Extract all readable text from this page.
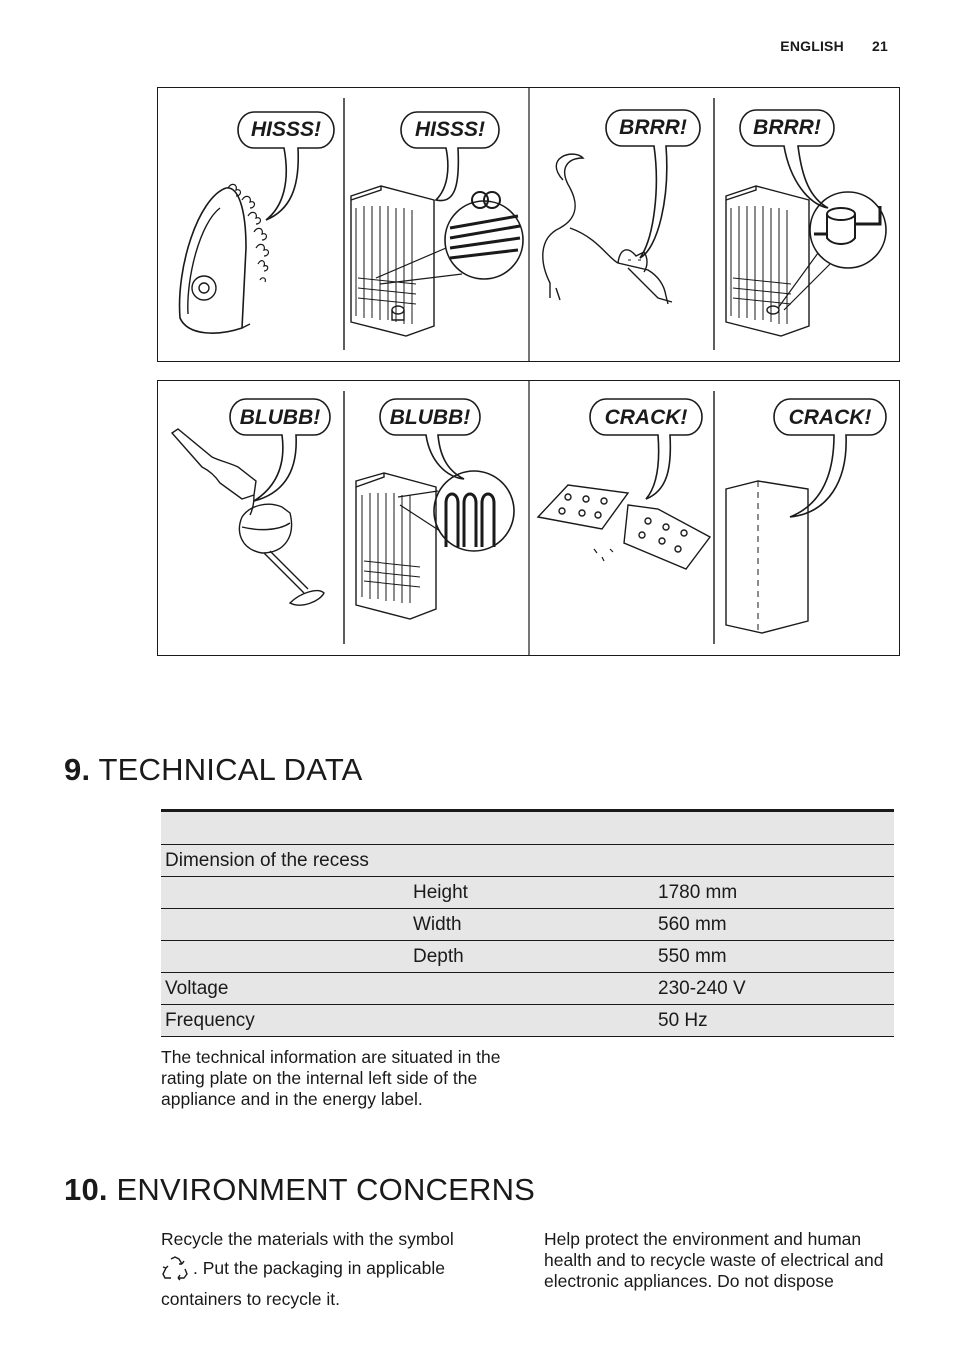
ENGLISH 21
HISSS!	HISSS!	BRRR!	BRRR!
BLUBB!	BLUBB!	CRACK!	CRACK!
9. TECHNICAL DATA

Dimension of the recess		
	Height	1780 mm
	Width	560 mm
	Depth	550 mm
Voltage		230-240 V
Frequency		50 Hz
The technical information are situated in the rating plate on the internal left side of the appliance and in the energy label.
10. ENVIRONMENT CONCERNS
Recycle the materials with the symbol
. Put the packaging in applicable
containers to recycle it.
Help protect the environment and human health and to recycle waste of electrical and electronic appliances. Do not dispose
